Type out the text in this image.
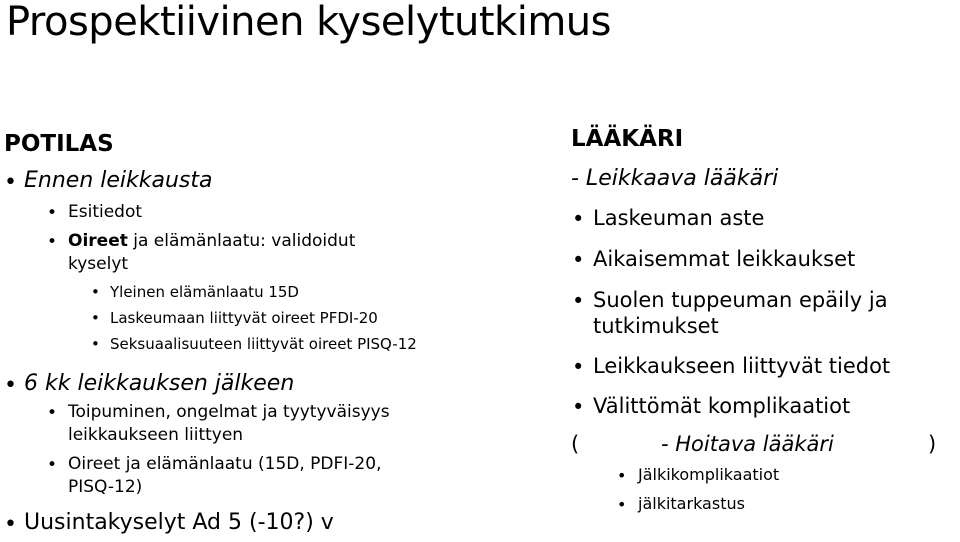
Prospektiivinen kyselytutkimus
POTILAS
• Ennen leikkausta
• Esitiedot
• Oireet ja elämänlaatu: validoidut
kyselyt
• Yleinen elämänlaatu 15D
• Laskeumaan liittyvät oireet PFDI-20
• Seksuaalisuuteen liittyvät oireet PISQ-12
• 6 kk leikkauksen jälkeen
• Toipuminen, ongelmat ja tyytyväisyys
leikkaukseen liittyen
• Oireet ja elämänlaatu (15D, PDFI-20,
PISQ-12)
• Uusintakyselyt Ad 5 (-10?) v
LÄÄKÄRI
- Leikkaava lääkäri
• Laskeuman aste
• Aikaisemmat leikkaukset
• Suolen tuppeuman epäily ja
tutkimukset
• Leikkaukseen liittyvät tiedot
• Välittömät komplikaatiot
(	- Hoitava lääkäri	)
• Jälkikomplikaatiot
• jälkitarkastus
